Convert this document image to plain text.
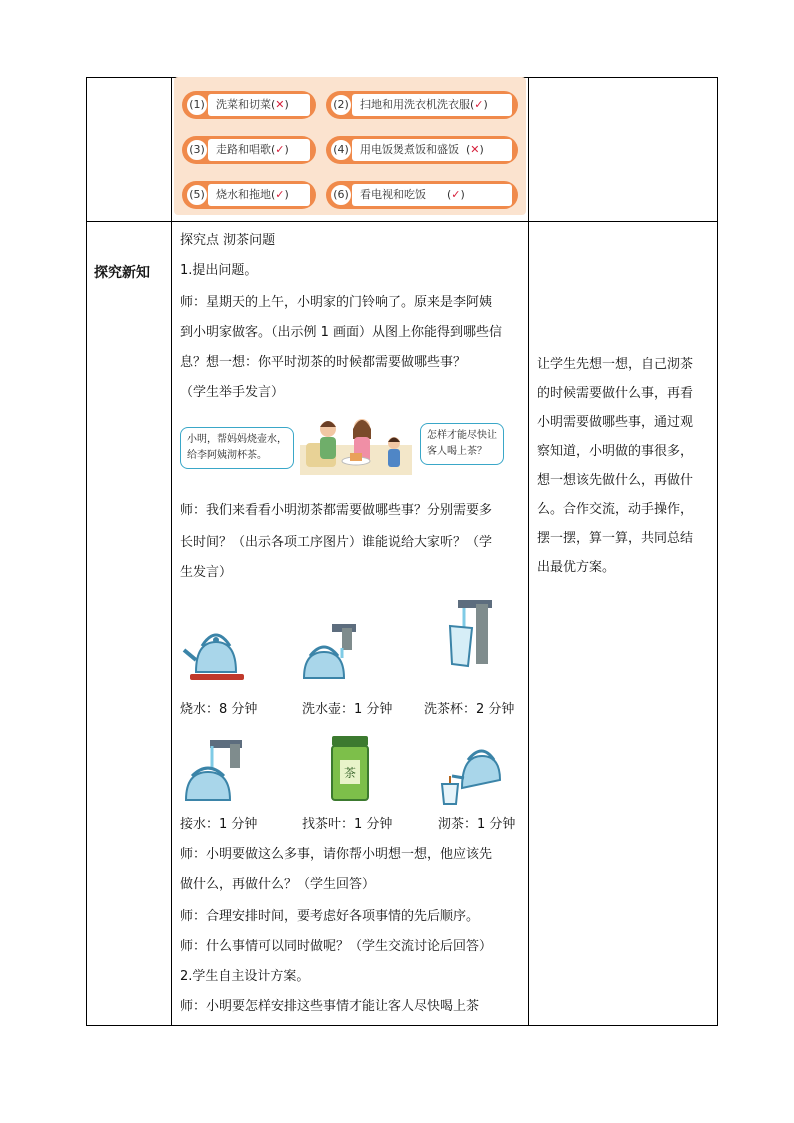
(1)	洗菜和切菜(✕)	(2)	扫地和用洗衣机洗衣服(✓)
(3)	走路和唱歌(✓)	(4)	用电饭煲煮饭和盛饭  (✕)
(5)	烧水和拖地(✓)	(6)	看电视和吃饭      (✓)
探究新知
探究点 沏茶问题
1.提出问题。
师：星期天的上午，小明家的门铃响了。原来是李阿姨
到小明家做客。（出示例 1 画面）从图上你能得到哪些信
息？想一想：你平时沏茶的时候都需要做哪些事？
（学生举手发言）
小明，帮妈妈烧壶水，
给李阿姨沏杯茶。
怎样才能尽快让
客人喝上茶？
师：我们来看看小明沏茶都需要做哪些事？分别需要多
长时间？（出示各项工序图片）谁能说给大家听？（学
生发言）
烧水：8 分钟	洗水壶：1 分钟 洗茶杯：2 分钟
茶
接水：1 分钟	找茶叶：1 分钟	沏茶：1 分钟
师：小明要做这么多事，请你帮小明想一想，他应该先
做什么，再做什么？（学生回答）
师：合理安排时间，要考虑好各项事情的先后顺序。
师：什么事情可以同时做呢？（学生交流讨论后回答）
2.学生自主设计方案。
师：小明要怎样安排这些事情才能让客人尽快喝上茶
让学生先想一想，自己沏茶
的时候需要做什么事，再看
小明需要做哪些事，通过观
察知道，小明做的事很多，
想一想该先做什么，再做什
么。合作交流，动手操作，
摆一摆，算一算，共同总结
出最优方案。
